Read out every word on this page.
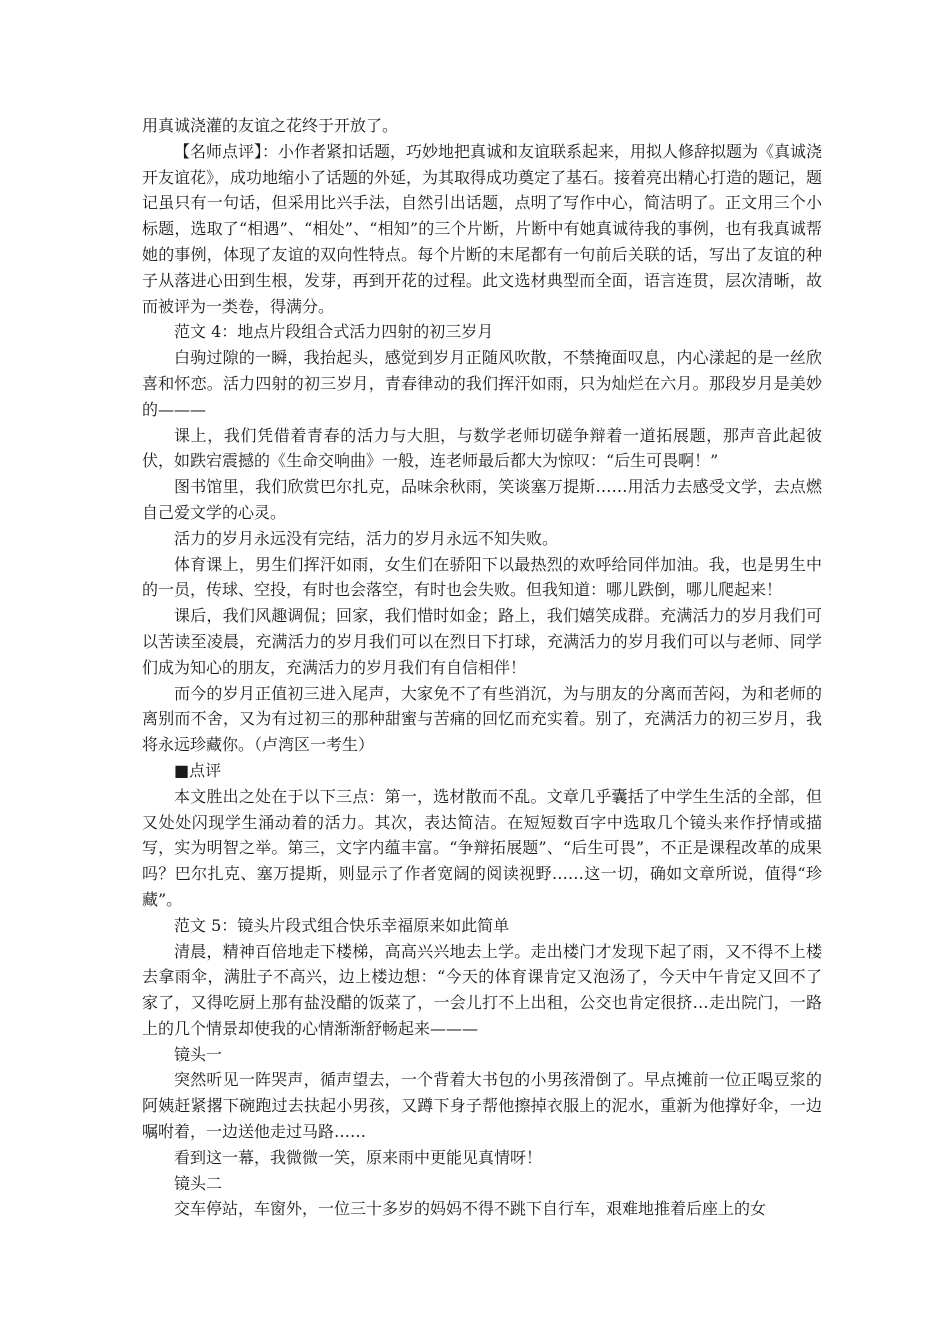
用真诚浇灌的友谊之花终于开放了。

【名师点评】：小作者紧扣话题，巧妙地把真诚和友谊联系起来，用拟人修辞拟题为《真诚浇开友谊花》，成功地缩小了话题的外延，为其取得成功奠定了基石。接着亮出精心打造的题记，题记虽只有一句话，但采用比兴手法，自然引出话题，点明了写作中心，简洁明了。正文用三个小标题，选取了“相遇”、“相处”、“相知”的三个片断，片断中有她真诚待我的事例，也有我真诚帮她的事例，体现了友谊的双向性特点。每个片断的末尾都有一句前后关联的话，写出了友谊的种子从落进心田到生根，发芽，再到开花的过程。此文选材典型而全面，语言连贯，层次清晰，故而被评为一类卷，得满分。

范文 4：地点片段组合式活力四射的初三岁月

白驹过隙的一瞬，我抬起头，感觉到岁月正随风吹散，不禁掩面叹息，内心漾起的是一丝欣喜和怀恋。活力四射的初三岁月，青春律动的我们挥汗如雨，只为灿烂在六月。那段岁月是美妙的———

课上，我们凭借着青春的活力与大胆，与数学老师切磋争辩着一道拓展题，那声音此起彼伏，如跌宕震撼的《生命交响曲》一般，连老师最后都大为惊叹：“后生可畏啊！”

图书馆里，我们欣赏巴尔扎克，品味余秋雨，笑谈塞万提斯……用活力去感受文学，去点燃自己爱文学的心灵。

活力的岁月永远没有完结，活力的岁月永远不知失败。

体育课上，男生们挥汗如雨，女生们在骄阳下以最热烈的欢呼给同伴加油。我，也是男生中的一员，传球、空投，有时也会落空，有时也会失败。但我知道：哪儿跌倒，哪儿爬起来！

课后，我们风趣调侃；回家，我们惜时如金；路上，我们嬉笑成群。充满活力的岁月我们可以苦读至凌晨，充满活力的岁月我们可以在烈日下打球，充满活力的岁月我们可以与老师、同学们成为知心的朋友，充满活力的岁月我们有自信相伴！

而今的岁月正值初三进入尾声，大家免不了有些消沉，为与朋友的分离而苦闷，为和老师的离别而不舍，又为有过初三的那种甜蜜与苦痛的回忆而充实着。别了，充满活力的初三岁月，我将永远珍藏你。（卢湾区一考生）

■点评

本文胜出之处在于以下三点：第一，选材散而不乱。文章几乎囊括了中学生生活的全部，但又处处闪现学生涌动着的活力。其次，表达简洁。在短短数百字中选取几个镜头来作抒情或描写，实为明智之举。第三，文字内蕴丰富。“争辩拓展题”、“后生可畏”，不正是课程改革的成果吗？巴尔扎克、塞万提斯，则显示了作者宽阔的阅读视野……这一切，确如文章所说，值得“珍藏”。

范文 5：镜头片段式组合快乐幸福原来如此简单

清晨，精神百倍地走下楼梯，高高兴兴地去上学。走出楼门才发现下起了雨，又不得不上楼去拿雨伞，满肚子不高兴，边上楼边想：“今天的体育课肯定又泡汤了，今天中午肯定又回不了家了，又得吃厨上那有盐没醋的饭菜了，一会儿打不上出租，公交也肯定很挤…走出院门，一路上的几个情景却使我的心情渐渐舒畅起来———

镜头一

突然听见一阵哭声，循声望去，一个背着大书包的小男孩滑倒了。早点摊前一位正喝豆浆的阿姨赶紧撂下碗跑过去扶起小男孩，又蹲下身子帮他擦掉衣服上的泥水，重新为他撑好伞，一边嘱咐着，一边送他走过马路……

看到这一幕，我微微一笑，原来雨中更能见真情呀！

镜头二

交车停站，车窗外，一位三十多岁的妈妈不得不跳下自行车，艰难地推着后座上的女
